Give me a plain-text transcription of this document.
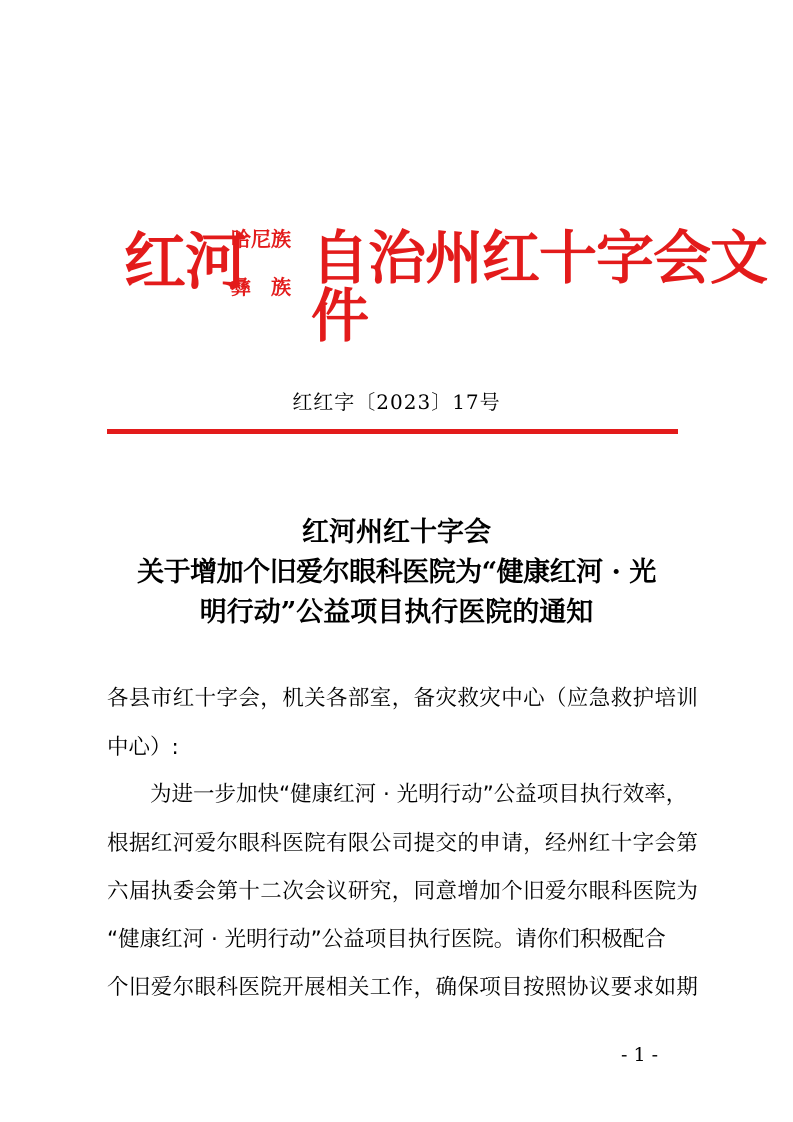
红河
哈尼族
彝　族 自治州红十字会文件
红红字〔2023〕17号
红河州红十字会
关于增加个旧爱尔眼科医院为“健康红河 · 光
明行动”公益项目执行医院的通知
各县市红十字会，机关各部室，备灾救灾中心（应急救护培训
中心）:
为进一步加快“健康红河 · 光明行动”公益项目执行效率，
根据红河爱尔眼科医院有限公司提交的申请，经州红十字会第
六届执委会第十二次会议研究，同意增加个旧爱尔眼科医院为
“健康红河 · 光明行动”公益项目执行医院。请你们积极配合
个旧爱尔眼科医院开展相关工作，确保项目按照协议要求如期
- 1 -
